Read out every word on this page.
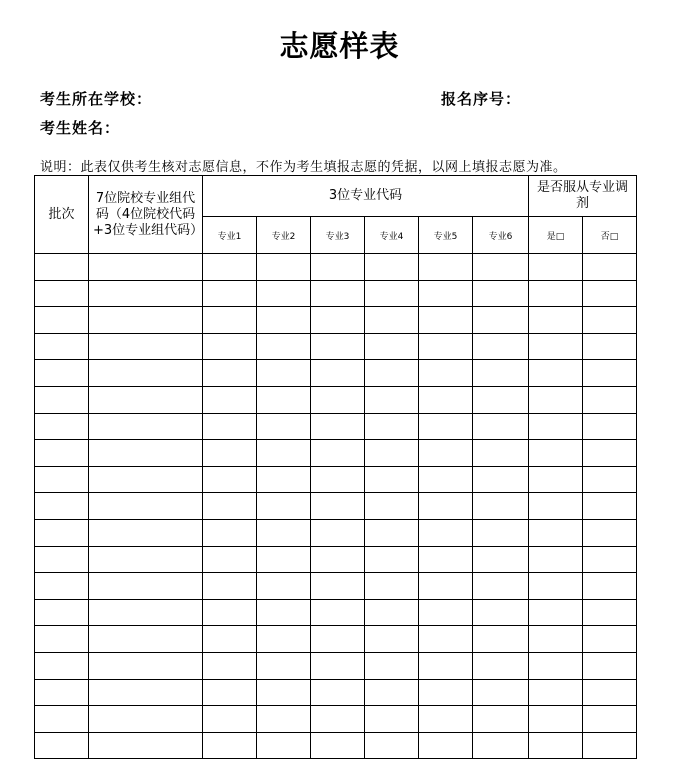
志愿样表
考生所在学校：	报名序号：
考生姓名：
说明：此表仅供考生核对志愿信息，不作为考生填报志愿的凭据，以网上填报志愿为准。
批次	7位院校专业组代码（4位院校代码+3位专业组代码）	3位专业代码						是否服从专业调剂	

		专业1	专业2	专业3	专业4	专业5	专业6	是□	否□
